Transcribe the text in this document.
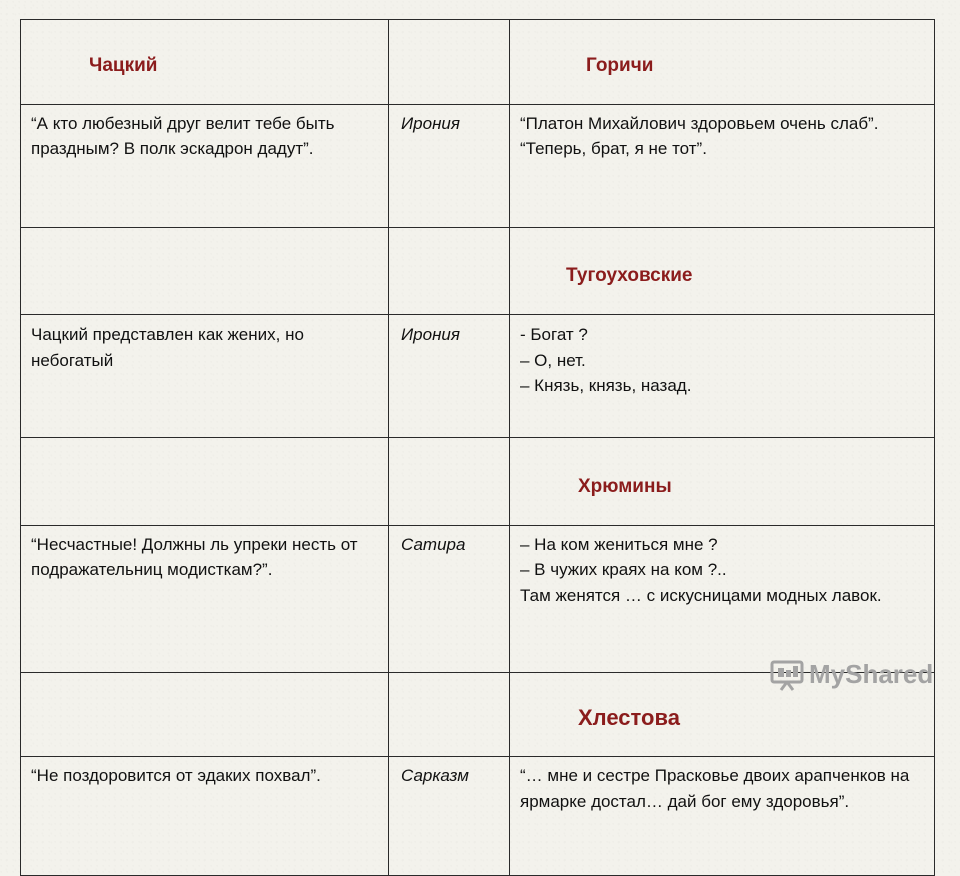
Чацкий		Горичи

“А кто любезный друг велит тебе быть праздным? В полк эскадрон дадут”.	Ирония	“Платон Михайлович здоровьем очень слаб”.
“Теперь, брат, я не тот”.

		Тугоуховские

Чацкий представлен как жених, но небогатый	Ирония	- Богат ?
– О, нет.
– Князь, князь, назад.

		Хрюмины

“Несчастные! Должны ль упреки несть от подражательниц модисткам?”.	Сатира	– На ком жениться мне ?
– В чужих краях на ком ?..
Там женятся … с искусницами модных лавок.

		Хлестова

“Не поздоровится от эдаких похвал”.	Сарказм	“… мне и сестре Прасковье двоих арапченков на ярмарке достал… дай бог ему здоровья”.
MyShared
